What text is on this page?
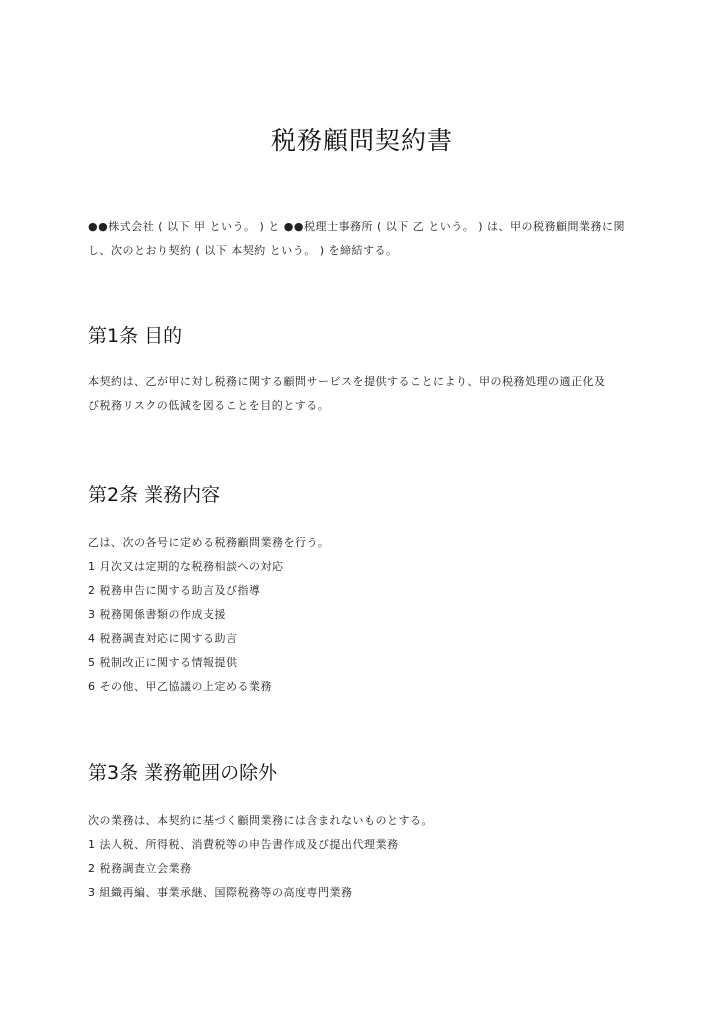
税務顧問契約書
●●株式会社 ( 以下 甲 という。 ) と ●●税理士事務所 ( 以下 乙 という。 ) は、甲の税務顧問業務に関
し、次のとおり契約 ( 以下 本契約 という。 ) を締結する。
第1条 目的
本契約は、乙が甲に対し税務に関する顧問サービスを提供することにより、甲の税務処理の適正化及
び税務リスクの低減を図ることを目的とする。
第2条 業務内容
乙は、次の各号に定める税務顧問業務を行う。
1 月次又は定期的な税務相談への対応
2 税務申告に関する助言及び指導
3 税務関係書類の作成支援
4 税務調査対応に関する助言
5 税制改正に関する情報提供
6 その他、甲乙協議の上定める業務
第3条 業務範囲の除外
次の業務は、本契約に基づく顧問業務には含まれないものとする。
1 法人税、所得税、消費税等の申告書作成及び提出代理業務
2 税務調査立会業務
3 組織再編、事業承継、国際税務等の高度専門業務
